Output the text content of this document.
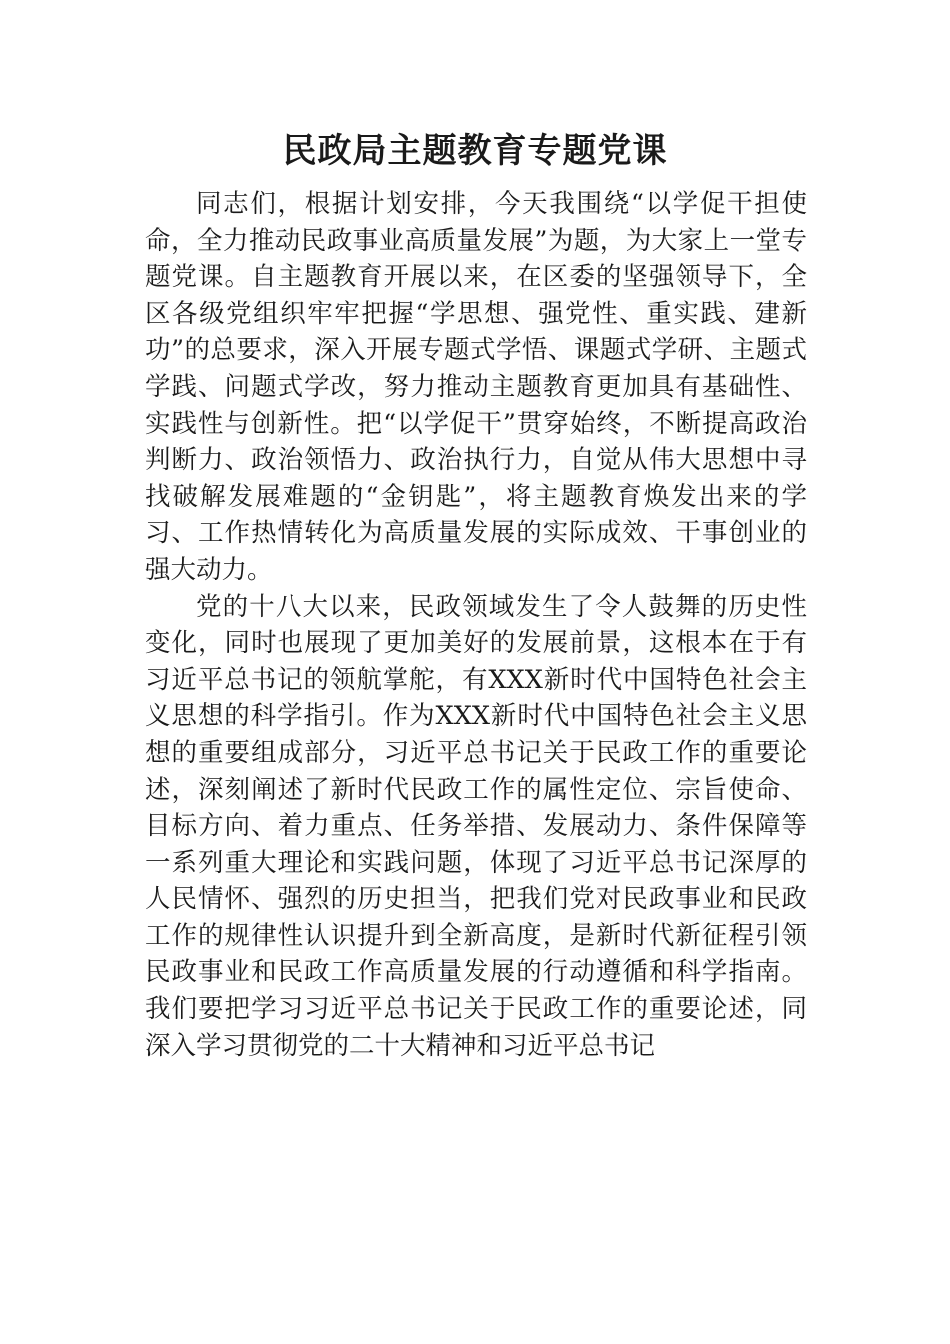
民政局主题教育专题党课

同志们，根据计划安排，今天我围绕“以学促干担使命，全力推动民政事业高质量发展”为题，为大家上一堂专题党课。自主题教育开展以来，在区委的坚强领导下，全区各级党组织牢牢把握“学思想、强党性、重实践、建新功”的总要求，深入开展专题式学悟、课题式学研、主题式学践、问题式学改，努力推动主题教育更加具有基础性、实践性与创新性。把“以学促干”贯穿始终，不断提高政治判断力、政治领悟力、政治执行力，自觉从伟大思想中寻找破解发展难题的“金钥匙”，将主题教育焕发出来的学习、工作热情转化为高质量发展的实际成效、干事创业的强大动力。

党的十八大以来，民政领域发生了令人鼓舞的历史性变化，同时也展现了更加美好的发展前景，这根本在于有习近平总书记的领航掌舵，有XXX新时代中国特色社会主义思想的科学指引。作为XXX新时代中国特色社会主义思想的重要组成部分，习近平总书记关于民政工作的重要论述，深刻阐述了新时代民政工作的属性定位、宗旨使命、目标方向、着力重点、任务举措、发展动力、条件保障等一系列重大理论和实践问题，体现了习近平总书记深厚的人民情怀、强烈的历史担当，把我们党对民政事业和民政工作的规律性认识提升到全新高度，是新时代新征程引领民政事业和民政工作高质量发展的行动遵循和科学指南。我们要把学习习近平总书记关于民政工作的重要论述，同深入学习贯彻党的二十大精神和习近平总书记
